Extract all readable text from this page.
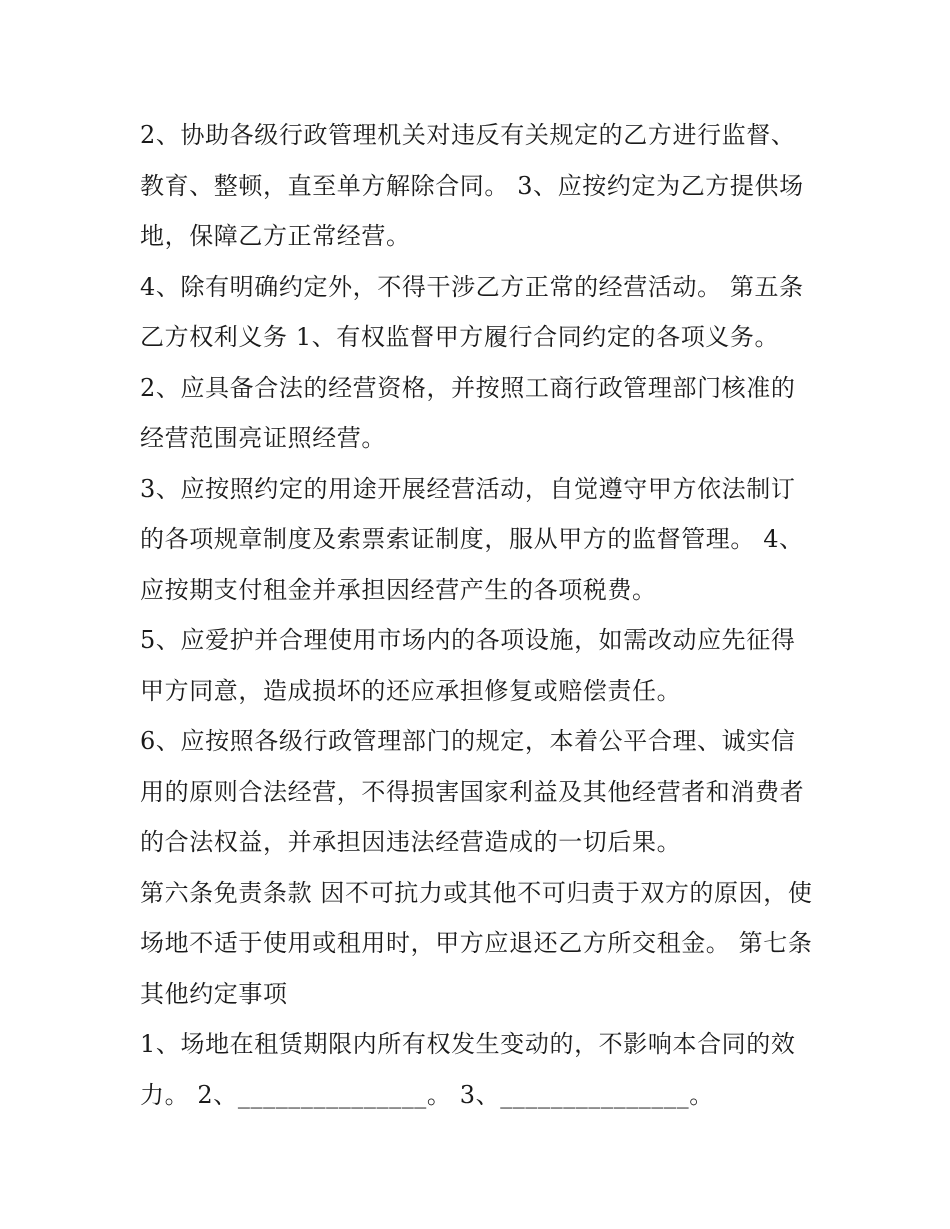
2、协助各级行政管理机关对违反有关规定的乙方进行监督、教育、整顿，直至单方解除合同。 3、应按约定为乙方提供场地，保障乙方正常经营。

4、除有明确约定外，不得干涉乙方正常的经营活动。 第五条乙方权利义务 1、有权监督甲方履行合同约定的各项义务。

2、应具备合法的经营资格，并按照工商行政管理部门核准的经营范围亮证照经营。

3、应按照约定的用途开展经营活动，自觉遵守甲方依法制订的各项规章制度及索票索证制度，服从甲方的监督管理。 4、应按期支付租金并承担因经营产生的各项税费。

5、应爱护并合理使用市场内的各项设施，如需改动应先征得甲方同意，造成损坏的还应承担修复或赔偿责任。

6、应按照各级行政管理部门的规定，本着公平合理、诚实信用的原则合法经营，不得损害国家利益及其他经营者和消费者的合法权益，并承担因违法经营造成的一切后果。

第六条免责条款 因不可抗力或其他不可归责于双方的原因，使场地不适于使用或租用时，甲方应退还乙方所交租金。 第七条其他约定事项

1、场地在租赁期限内所有权发生变动的，不影响本合同的效力。 2、_______________。 3、_______________。
